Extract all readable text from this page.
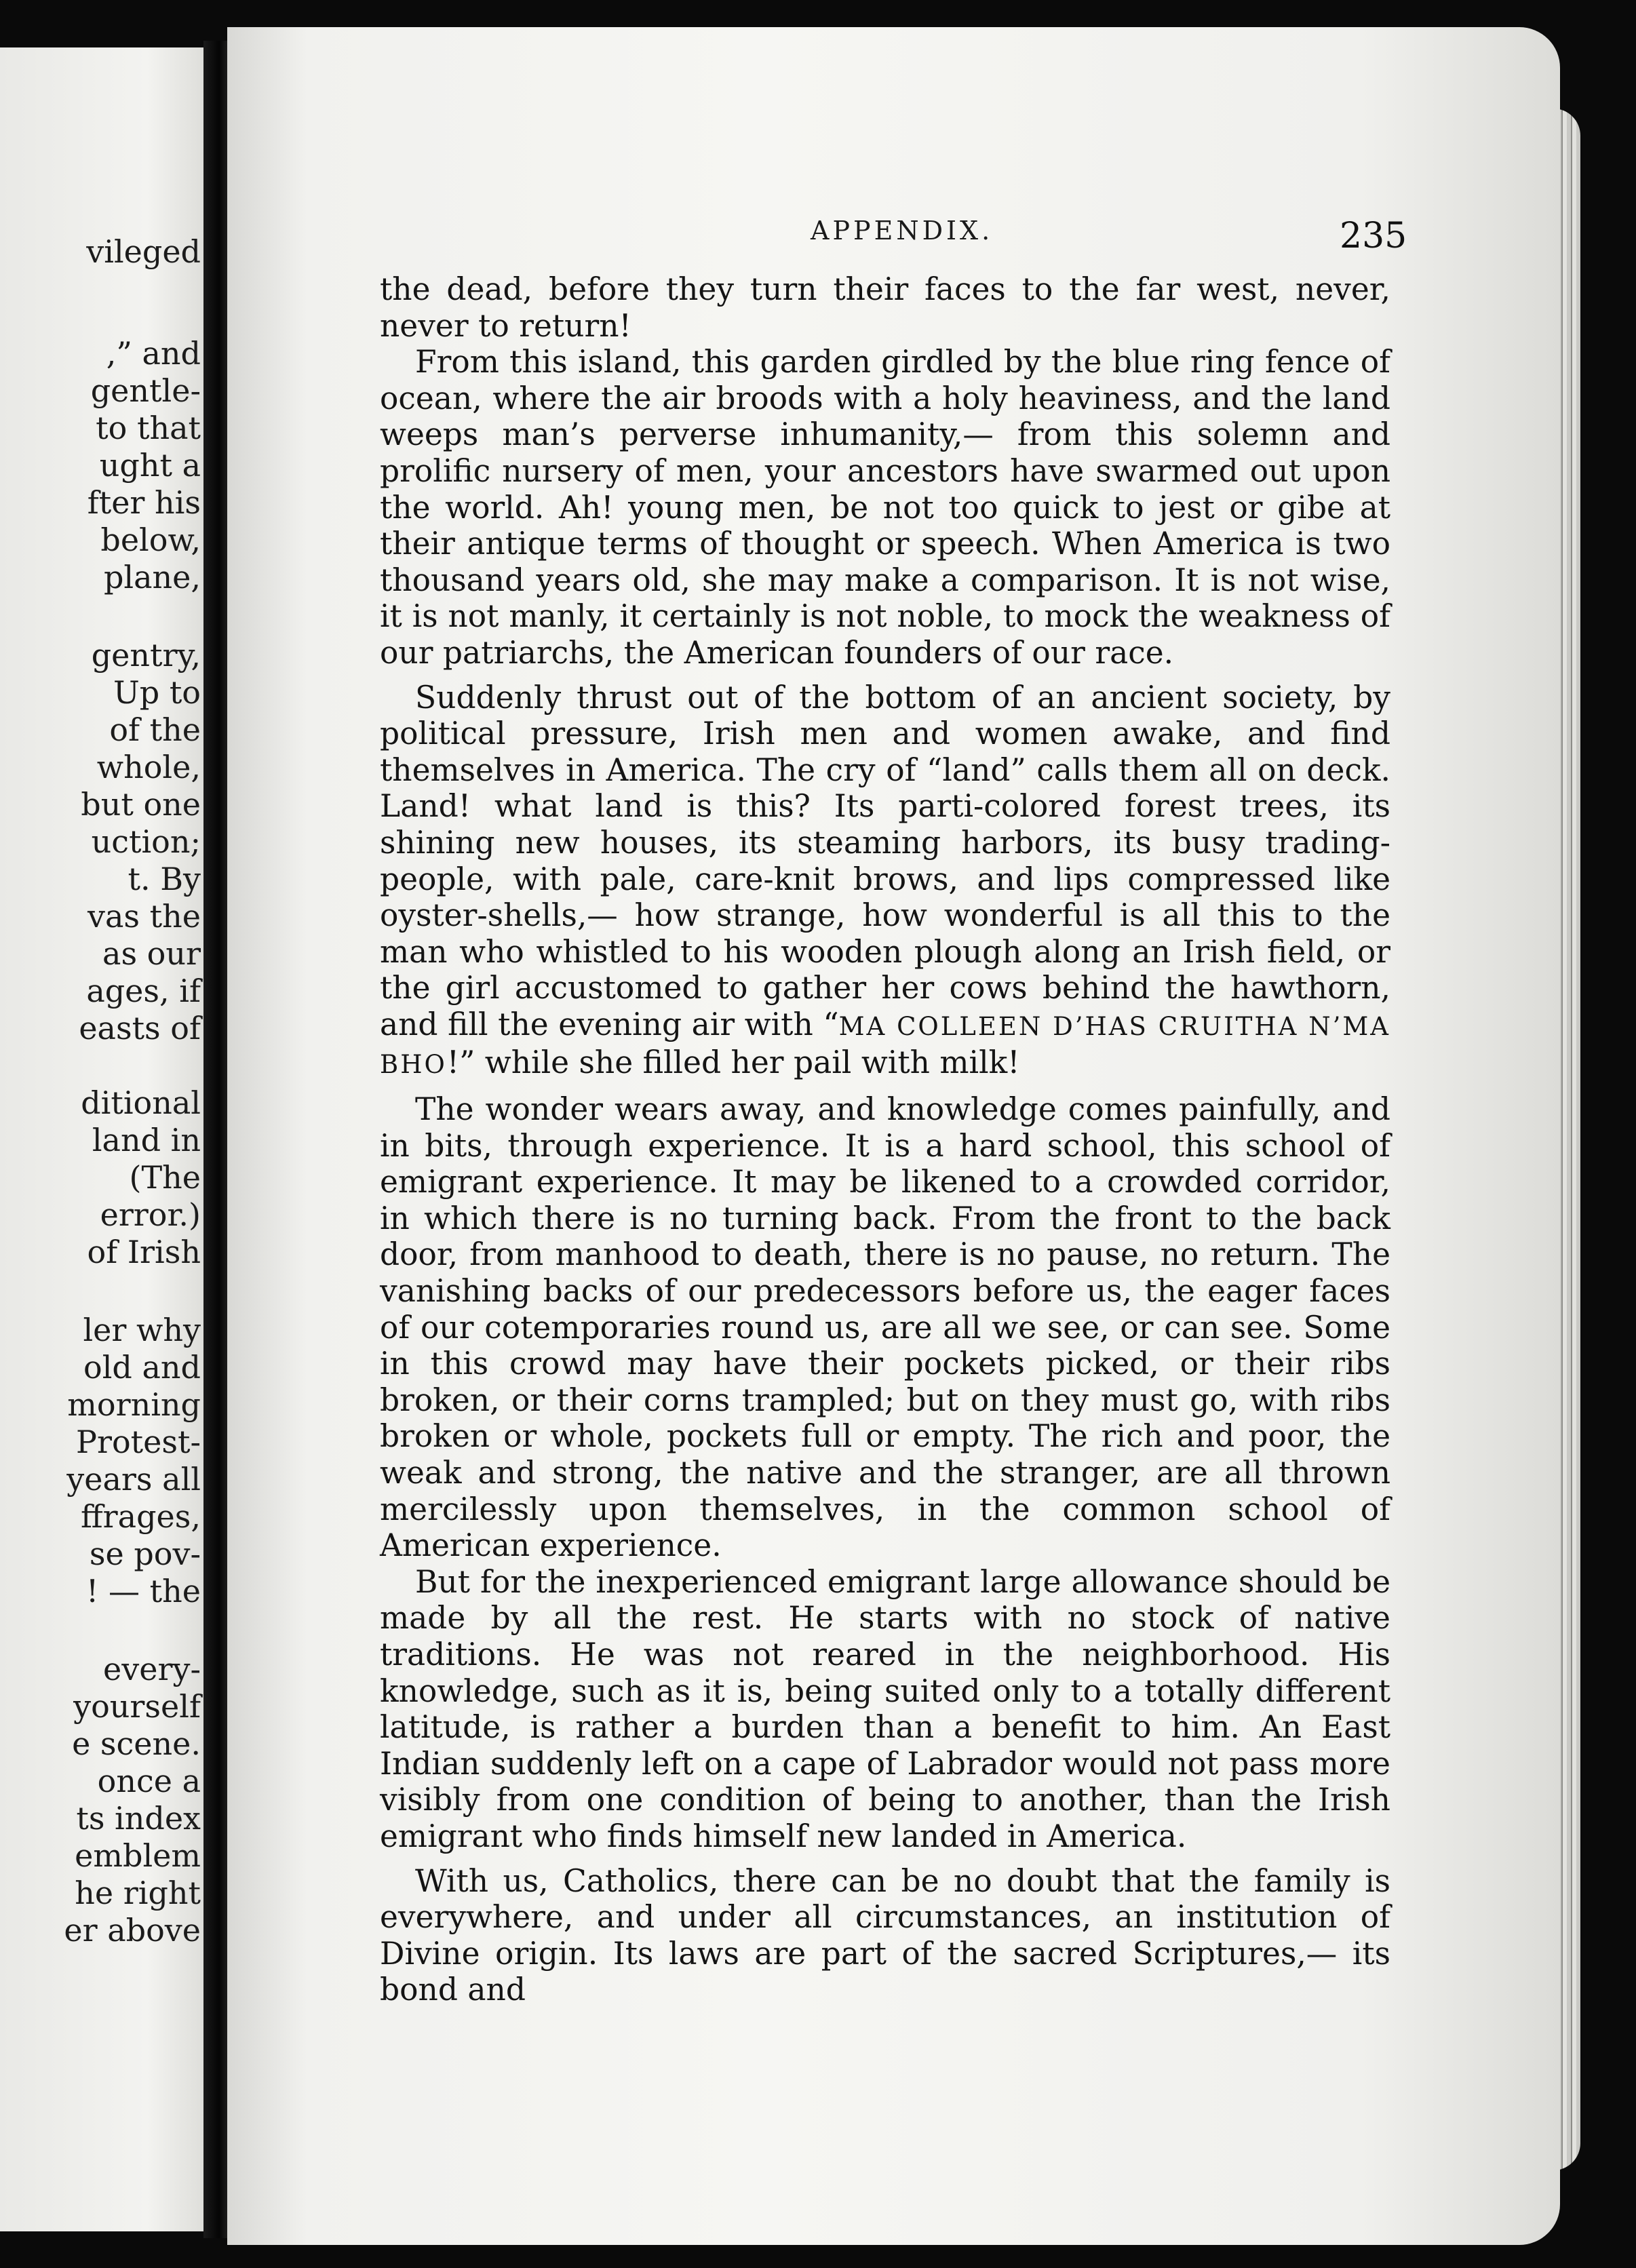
vileged

,” and

gentle-

to that

ught a

fter his

below,

plane,

gentry,

Up to

of the

whole,

but one

uction;

t. By

vas the

as our

ages, if

easts of

ditional

land in

(The

error.)

of Irish

ler why

old and

morning

Protest-

years all

ffrages,

se pov-

! — the

every-

yourself

e scene.

once a

ts index

emblem

he right

er above

APPENDIX.	235

the dead, before they turn their faces to the far west, never, never to return!

From this island, this garden girdled by the blue ring fence of ocean, where the air broods with a holy heaviness, and the land weeps man’s perverse inhumanity,— from this solemn and prolific nursery of men, your ancestors have swarmed out upon the world. Ah! young men, be not too quick to jest or gibe at their antique terms of thought or speech. When America is two thousand years old, she may make a comparison. It is not wise, it is not manly, it certainly is not noble, to mock the weakness of our patriarchs, the American founders of our race.

Suddenly thrust out of the bottom of an ancient society, by political pressure, Irish men and women awake, and find themselves in America. The cry of “land” calls them all on deck. Land! what land is this? Its parti-colored forest trees, its shining new houses, its steaming harbors, its busy trading-people, with pale, care-knit brows, and lips compressed like oyster-shells,— how strange, how wonderful is all this to the man who whistled to his wooden plough along an Irish field, or the girl accustomed to gather her cows behind the hawthorn, and fill the evening air with “MA COLLEEN D’HAS CRUITHA N’MA BHO!” while she filled her pail with milk!

The wonder wears away, and knowledge comes painfully, and in bits, through experience. It is a hard school, this school of emigrant experience. It may be likened to a crowded corridor, in which there is no turning back. From the front to the back door, from manhood to death, there is no pause, no return. The vanishing backs of our predecessors before us, the eager faces of our cotemporaries round us, are all we see, or can see. Some in this crowd may have their pockets picked, or their ribs broken, or their corns trampled; but on they must go, with ribs broken or whole, pockets full or empty. The rich and poor, the weak and strong, the native and the stranger, are all thrown mercilessly upon themselves, in the common school of American experience.

But for the inexperienced emigrant large allowance should be made by all the rest. He starts with no stock of native traditions. He was not reared in the neighborhood. His knowledge, such as it is, being suited only to a totally different latitude, is rather a burden than a benefit to him. An East Indian suddenly left on a cape of Labrador would not pass more visibly from one condition of being to another, than the Irish emigrant who finds himself new landed in America.

With us, Catholics, there can be no doubt that the family is everywhere, and under all circumstances, an institution of Divine origin. Its laws are part of the sacred Scriptures,— its bond and
